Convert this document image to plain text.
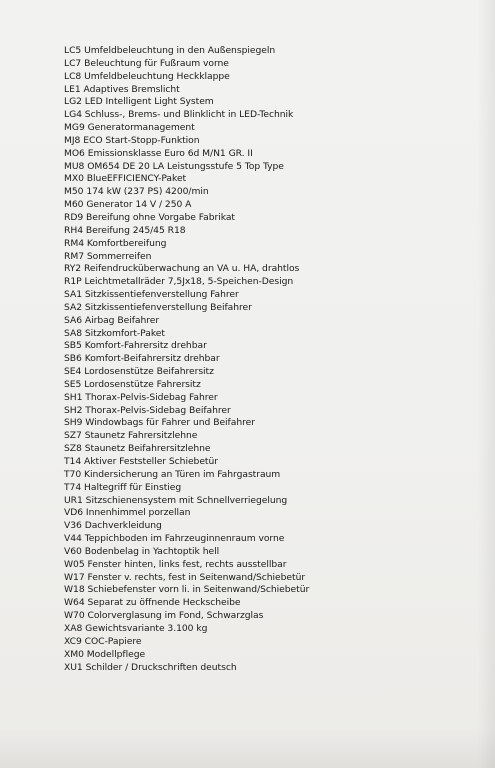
LC5 Umfeldbeleuchtung in den Außenspiegeln
LC7 Beleuchtung für Fußraum vorne
LC8 Umfeldbeleuchtung Heckklappe
LE1 Adaptives Bremslicht
LG2 LED Intelligent Light System
LG4 Schluss-, Brems- und Blinklicht in LED-Technik
MG9 Generatormanagement
MJ8 ECO Start-Stopp-Funktion
MO6 Emissionsklasse Euro 6d M/N1 GR. II
MU8 OM654 DE 20 LA Leistungsstufe 5 Top Type
MX0 BlueEFFICIENCY-Paket
M50 174 kW (237 PS) 4200/min
M60 Generator 14 V / 250 A
RD9 Bereifung ohne Vorgabe Fabrikat
RH4 Bereifung 245/45 R18
RM4 Komfortbereifung
RM7 Sommerreifen
RY2 Reifendrucküberwachung an VA u. HA, drahtlos
R1P Leichtmetallräder 7,5Jx18, 5-Speichen-Design
SA1 Sitzkissentiefenverstellung Fahrer
SA2 Sitzkissentiefenverstellung Beifahrer
SA6 Airbag Beifahrer
SA8 Sitzkomfort-Paket
SB5 Komfort-Fahrersitz drehbar
SB6 Komfort-Beifahrersitz drehbar
SE4 Lordosenstütze Beifahrersitz
SE5 Lordosenstütze Fahrersitz
SH1 Thorax-Pelvis-Sidebag Fahrer
SH2 Thorax-Pelvis-Sidebag Beifahrer
SH9 Windowbags für Fahrer und Beifahrer
SZ7 Staunetz Fahrersitzlehne
SZ8 Staunetz Beifahrersitzlehne
T14 Aktiver Feststeller Schiebetür
T70 Kindersicherung an Türen im Fahrgastraum
T74 Haltegriff für Einstieg
UR1 Sitzschienensystem mit Schnellverriegelung
VD6 Innenhimmel porzellan
V36 Dachverkleidung
V44 Teppichboden im Fahrzeuginnenraum vorne
V60 Bodenbelag in Yachtoptik hell
W05 Fenster hinten, links fest, rechts ausstellbar
W17 Fenster v. rechts, fest in Seitenwand/Schiebetür
W18 Schiebefenster vorn li. in Seitenwand/Schiebetür
W64 Separat zu öffnende Heckscheibe
W70 Colorverglasung im Fond, Schwarzglas
XA8 Gewichtsvariante 3.100 kg
XC9 COC-Papiere
XM0 Modellpflege
XU1 Schilder / Druckschriften deutsch
